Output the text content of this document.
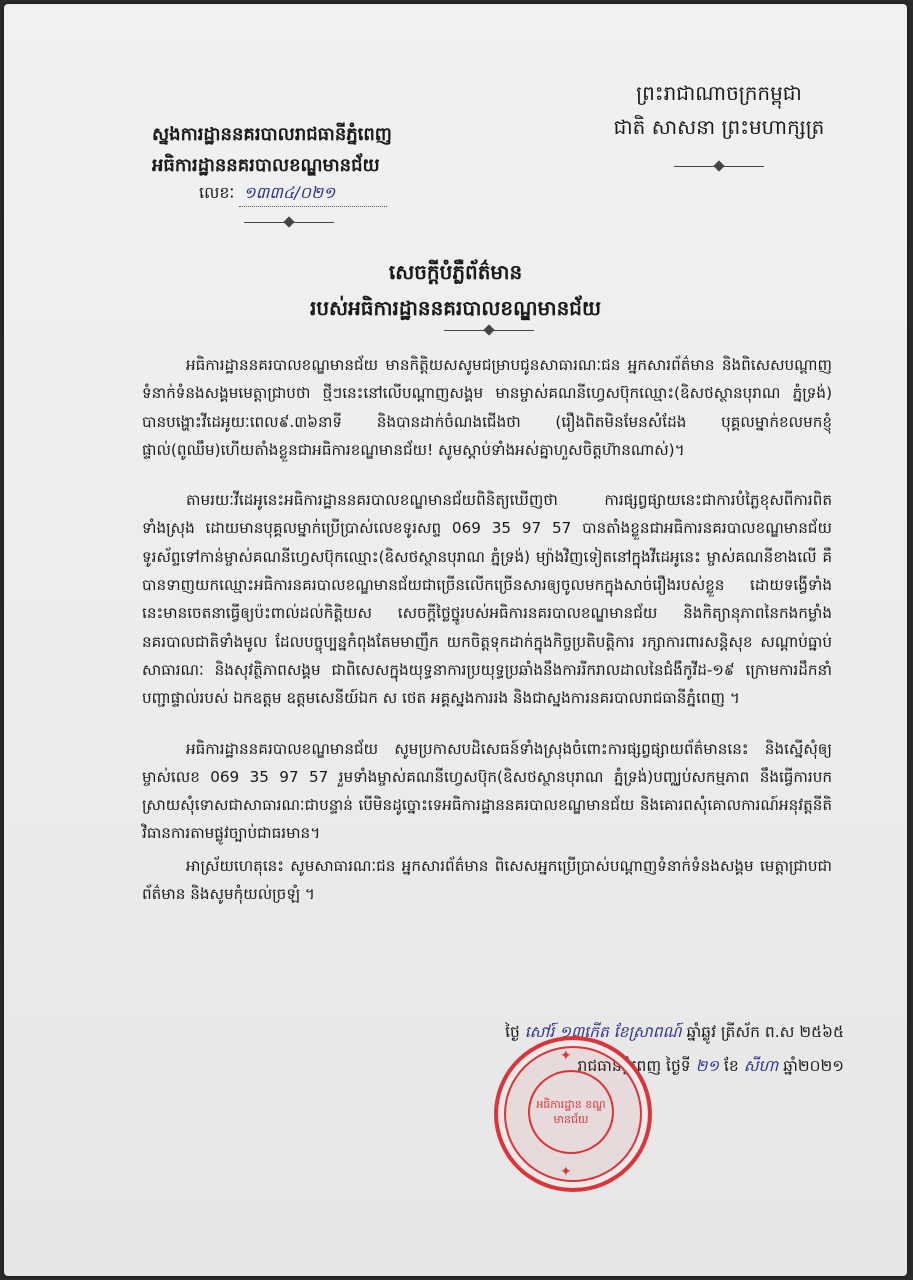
ព្រះរាជាណាចក្រកម្ពុជា
ជាតិ សាសនា ព្រះមហាក្សត្រ
ស្នងការដ្ឋាននគរបាលរាជធានីភ្នំពេញ
អធិការដ្ឋាននគរបាលខណ្ឌមានជ័យ
លេខៈ ១៣៣៤/០២១
សេចក្ដីបំភ្លឺព័ត៌មាន
របស់អធិការដ្ឋាននគរបាលខណ្ឌមានជ័យ

អធិការដ្ឋាននគរបាលខណ្ឌមានជ័យ មានកិត្តិយសសូមជម្រាបជូនសាធារណៈជន អ្នកសារព័ត៌មាន និងពិសេសបណ្ដាញទំនាក់ទំនងសង្គមមេត្តាជ្រាបថា ថ្មីៗនេះនៅលើបណ្ដាញសង្គម មានម្ចាស់គណនីហ្វេសប៊ុកឈ្មោះ(ឧិសថស្ថានបុរាណ ភ្នំទ្រង់) បានបង្ហោះវីដេអូយៈពេល៩.៣៦នាទី និងបានដាក់ចំណងជើងថា (រឿងពិតមិនមែនសំដែង បុគ្គលម្នាក់ខលមកខ្ញុំផ្ទាល់(ពូឈឹម)ហើយតាំងខ្លួនជាអធិការខណ្ឌមានជ័យ! សូមស្ដាប់ទាំងអស់គ្នាហួសចិត្តហ៊ានណាស់)។

តាមរយៈវីដេអូនេះអធិការដ្ឋាននគរបាលខណ្ឌមានជ័យពិនិត្យឃើញថា ការផ្សព្វផ្សាយនេះជាការបំភ្លៃខុសពីការពិតទាំងស្រុង ដោយមានបុគ្គលម្នាក់ប្រើប្រាស់លេខទូរសព្ទ 069 35 97 57 បានតាំងខ្លួនជាអធិការនគរបាលខណ្ឌមានជ័យ ទូរស័ព្ទទៅកាន់ម្ចាស់គណនីហ្វេសប៊ុកឈ្មោះ(ឧិសថស្ថានបុរាណ ភ្នំទ្រង់) ម្យ៉ាងវិញទៀតនៅក្នុងវីដេអូនេះ ម្ចាស់គណនីខាងលើ គឺបានទាញយកឈ្មោះអធិការនគរបាលខណ្ឌមានជ័យជាច្រើនលើកច្រើនសារឲ្យចូលមកក្នុងសាច់រឿងរបស់ខ្លួន ដោយទង្វើទាំងនេះមានចេតនាធ្វើឲ្យប៉ះពាល់ដល់កិត្តិយស សេចក្ដីថ្លៃថ្នូរបស់អធិការនគរបាលខណ្ឌមានជ័យ និងកិត្យានុភាពនៃកងកម្លាំងនគរបាលជាតិទាំងមូល ដែលបច្ចុប្បន្នកំពុងតែមមាញឹក យកចិត្តទុកដាក់ក្នុងកិច្ចប្រតិបត្តិការ រក្សាការពារសន្តិសុខ សណ្ដាប់ធ្នាប់សាធារណៈ និងសុវត្ថិភាពសង្គម ជាពិសេសក្នុងយុទ្ធនាការប្រយុទ្ធប្រឆាំងនឹងការរីករាលដាលនៃជំងឺកូវីដ-១៩ ក្រោមការដឹកនាំបញ្ជាផ្ទាល់របស់ ឯកឧត្ដម ឧត្ដមសេនីយ៍ឯក ស ថេត អគ្គស្នងការរង និងជាស្នងការនគរបាលរាជធានីភ្នំពេញ ។

អធិការដ្ឋាននគរបាលខណ្ឌមានជ័យ សូមប្រកាសបដិសេធន៍ទាំងស្រុងចំពោះការផ្សព្វផ្សាយព័ត៌មាននេះ និងស្នើសុំឲ្យម្ចាស់លេខ 069 35 97 57 រួមទាំងម្ចាស់គណនីហ្វេសប៊ុក(ឧិសថស្ថានបុរាណ ភ្នំទ្រង់)បញ្ឈប់សកម្មភាព នឹងធ្វើការបកស្រាយសុំទោសជាសាធារណៈជាបន្ទាន់ បើមិនដូច្នោះទេអធិការដ្ឋាននគរបាលខណ្ឌមានជ័យ និងគោរពសុំគោលការណ៍អនុវត្តនីតិវិធានការតាមផ្លូវច្បាប់ជាធរមាន។

អាស្រ័យហេតុនេះ សូមសាធារណៈជន អ្នកសារព័ត៌មាន ពិសេសអ្នកប្រើប្រាស់បណ្ដាញទំនាក់ទំនងសង្គម មេត្តាជ្រាបជាព័ត៌មាន និងសូមកុំយល់ច្រឡំ ។

ថ្ងៃ សៅរ៍ ១៣កើត ខែស្រាពណ៍ ឆ្នាំឆ្លូវ ត្រីស័ក ព.ស ២៥៦៥
រាជធានីភ្នំពេញ ថ្ងៃទី ២១ ខែ សីហា ឆ្នាំ២០២១
✦
អធិការដ្ឋាន ខណ្ឌមានជ័យ
✦
